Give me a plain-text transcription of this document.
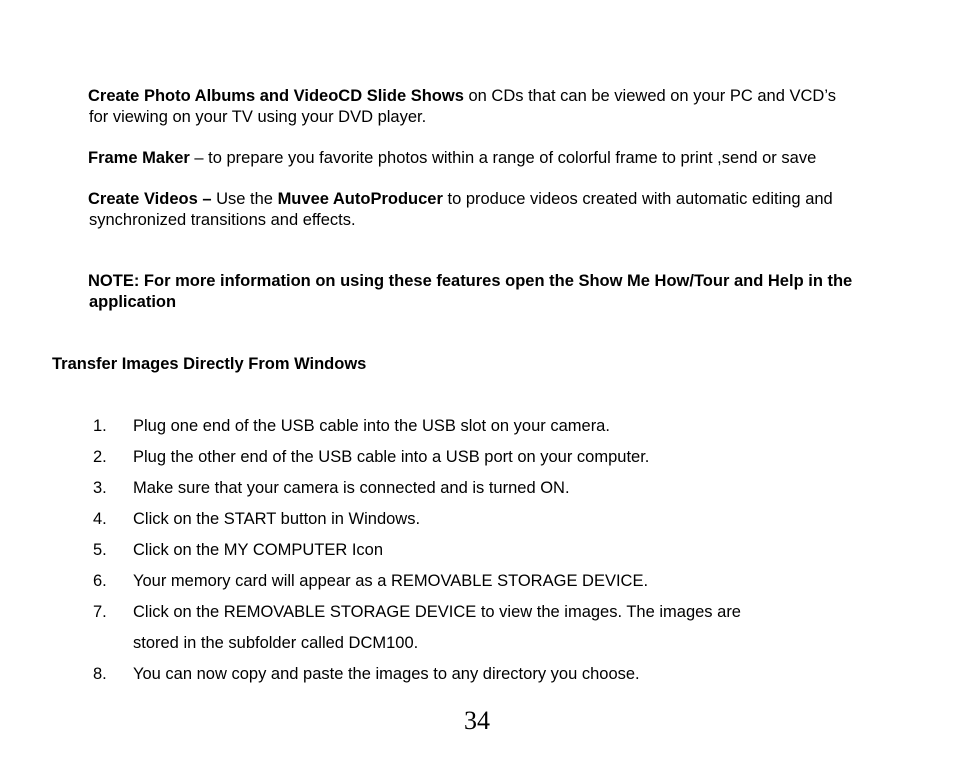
Create Photo Albums and VideoCD Slide Shows on CDs that can be viewed on your PC and VCD’s
for viewing on your TV using your DVD player.
Frame Maker – to prepare you favorite photos within a range of colorful frame to print ,send or save
Create Videos – Use the Muvee AutoProducer to produce videos created with automatic editing and
synchronized transitions and effects.
NOTE: For more information on using these features open the Show Me How/Tour and Help in the
application
Transfer Images Directly From Windows
1.	Plug one end of the USB cable into the USB slot on your camera.
2.	Plug the other end of the USB cable into a USB port on your computer.
3.	Make sure that your camera is connected and is turned ON.
4.	Click on the START button in Windows.
5.	Click on the MY COMPUTER Icon
6.	Your memory card will appear as a REMOVABLE STORAGE DEVICE.
7.	Click on the REMOVABLE STORAGE DEVICE to view the images. The images are
stored in the subfolder called DCM100.
8.	You can now copy and paste the images to any directory you choose.
34
